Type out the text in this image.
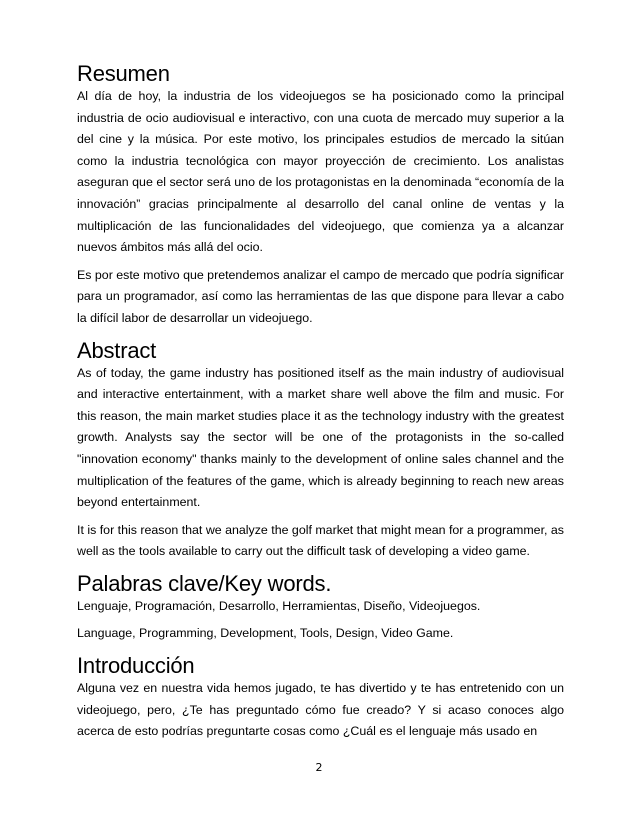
Resumen

Al día de hoy, la industria de los videojuegos se ha posicionado como la principal industria de ocio audiovisual e interactivo, con una cuota de mercado muy superior a la del cine y la música. Por este motivo, los principales estudios de mercado la sitúan como la industria tecnológica con mayor proyección de crecimiento. Los analistas aseguran que el sector será uno de los protagonistas en la denominada “economía de la innovación” gracias principalmente al desarrollo del canal online de ventas y la multiplicación de las funcionalidades del videojuego, que comienza ya a alcanzar nuevos ámbitos más allá del ocio.

Es por este motivo que pretendemos analizar el campo de mercado que podría significar para un programador, así como las herramientas de las que dispone para llevar a cabo la difícil labor de desarrollar un videojuego.

Abstract

As of today, the game industry has positioned itself as the main industry of audiovisual and interactive entertainment, with a market share well above the film and music. For this reason, the main market studies place it as the technology industry with the greatest growth. Analysts say the sector will be one of the protagonists in the so-called "innovation economy" thanks mainly to the development of online sales channel and the multiplication of the features of the game, which is already beginning to reach new areas beyond entertainment.

It is for this reason that we analyze the golf market that might mean for a programmer, as well as the tools available to carry out the difficult task of developing a video game.

Palabras clave/Key words.

Lenguaje, Programación, Desarrollo, Herramientas, Diseño, Videojuegos.

Language, Programming, Development, Tools, Design, Video Game.

Introducción

Alguna vez en nuestra vida hemos jugado, te has divertido y te has entretenido con un videojuego, pero, ¿Te has preguntado cómo fue creado? Y si acaso conoces algo acerca de esto podrías preguntarte cosas como ¿Cuál es el lenguaje más usado en

2
